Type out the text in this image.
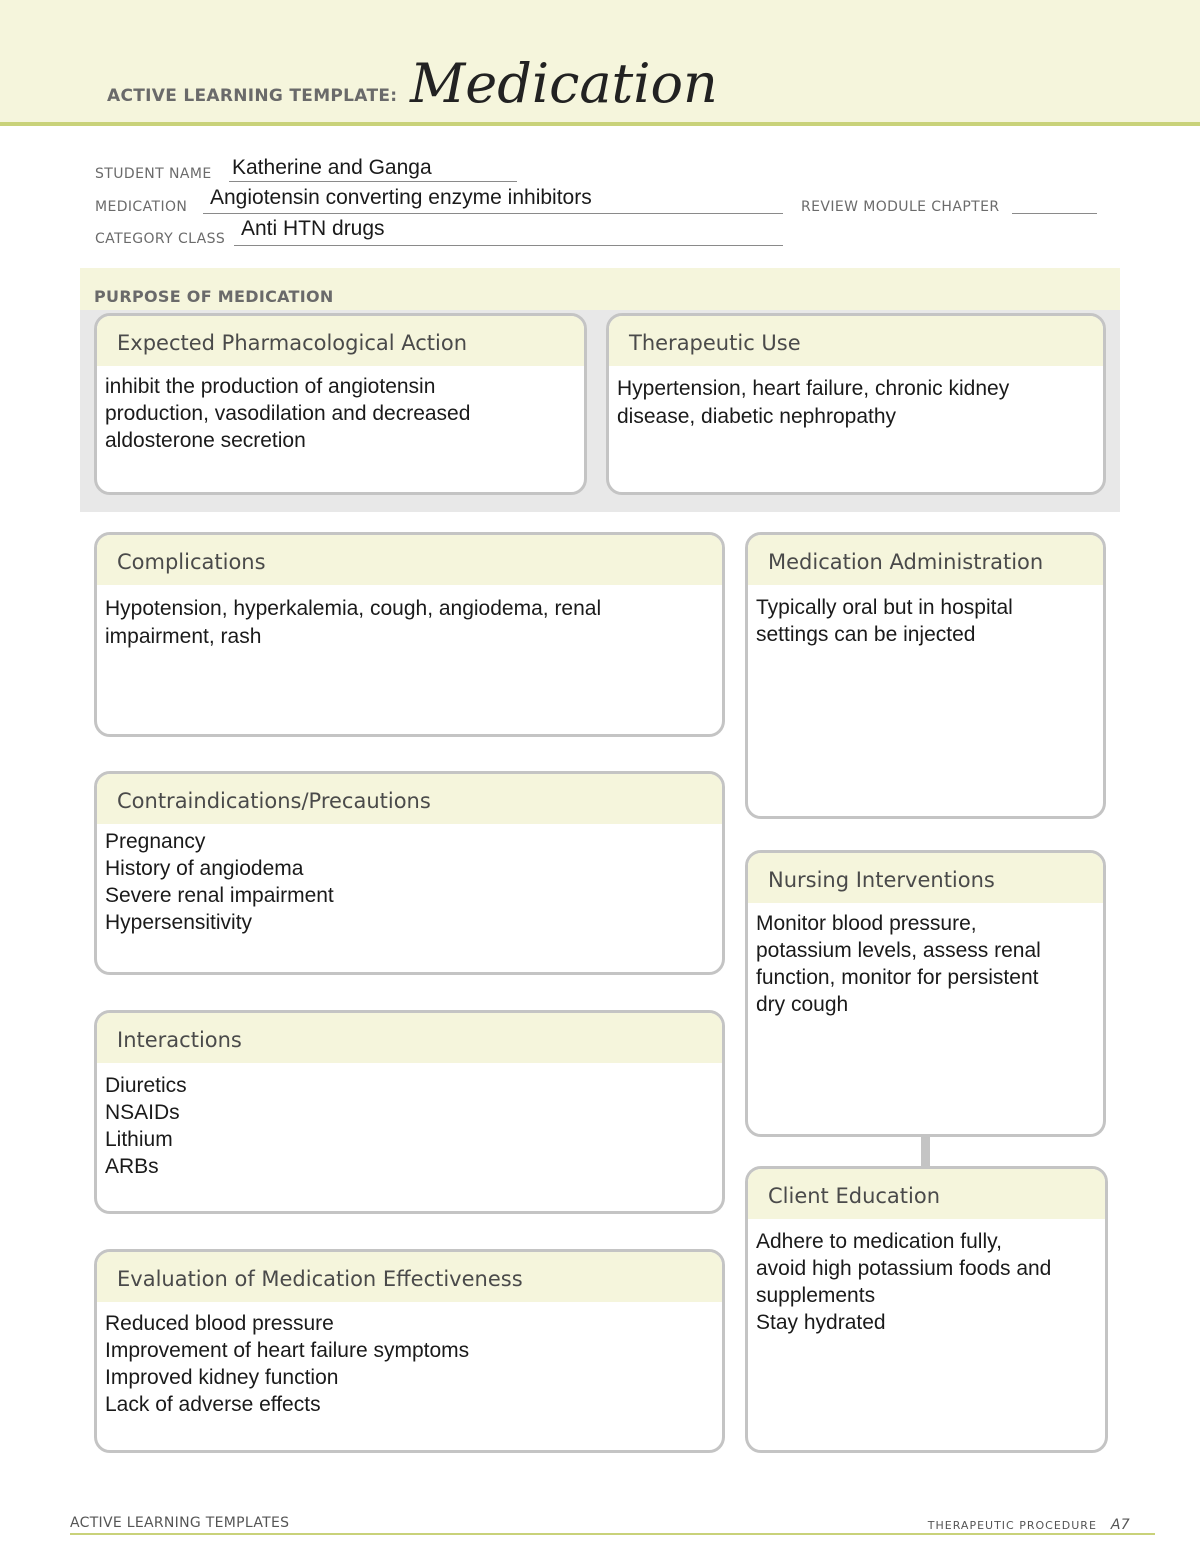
ACTIVE LEARNING TEMPLATE: Medication
STUDENT NAME Katherine and Ganga
MEDICATION Angiotensin converting enzyme inhibitors	REVIEW MODULE CHAPTER
CATEGORY CLASS Anti HTN drugs
PURPOSE OF MEDICATION
Expected Pharmacological Action
inhibit the production of angiotensin
production, vasodilation and decreased
aldosterone secretion
Therapeutic Use
Hypertension, heart failure, chronic kidney
disease, diabetic nephropathy
Complications
Hypotension, hyperkalemia, cough, angiodema, renal
impairment, rash
Contraindications/Precautions
Pregnancy
History of angiodema
Severe renal impairment
Hypersensitivity
Interactions
Diuretics
NSAIDs
Lithium
ARBs
Evaluation of Medication Effectiveness
Reduced blood pressure
Improvement of heart failure symptoms
Improved kidney function
Lack of adverse effects
Medication Administration
Typically oral but in hospital
settings can be injected
Nursing Interventions
Monitor blood pressure,
potassium levels, assess renal
function, monitor for persistent
dry cough
Client Education
Adhere to medication fully,
avoid high potassium foods and
supplements
Stay hydrated
ACTIVE LEARNING TEMPLATES	THERAPEUTIC PROCEDURE A7
